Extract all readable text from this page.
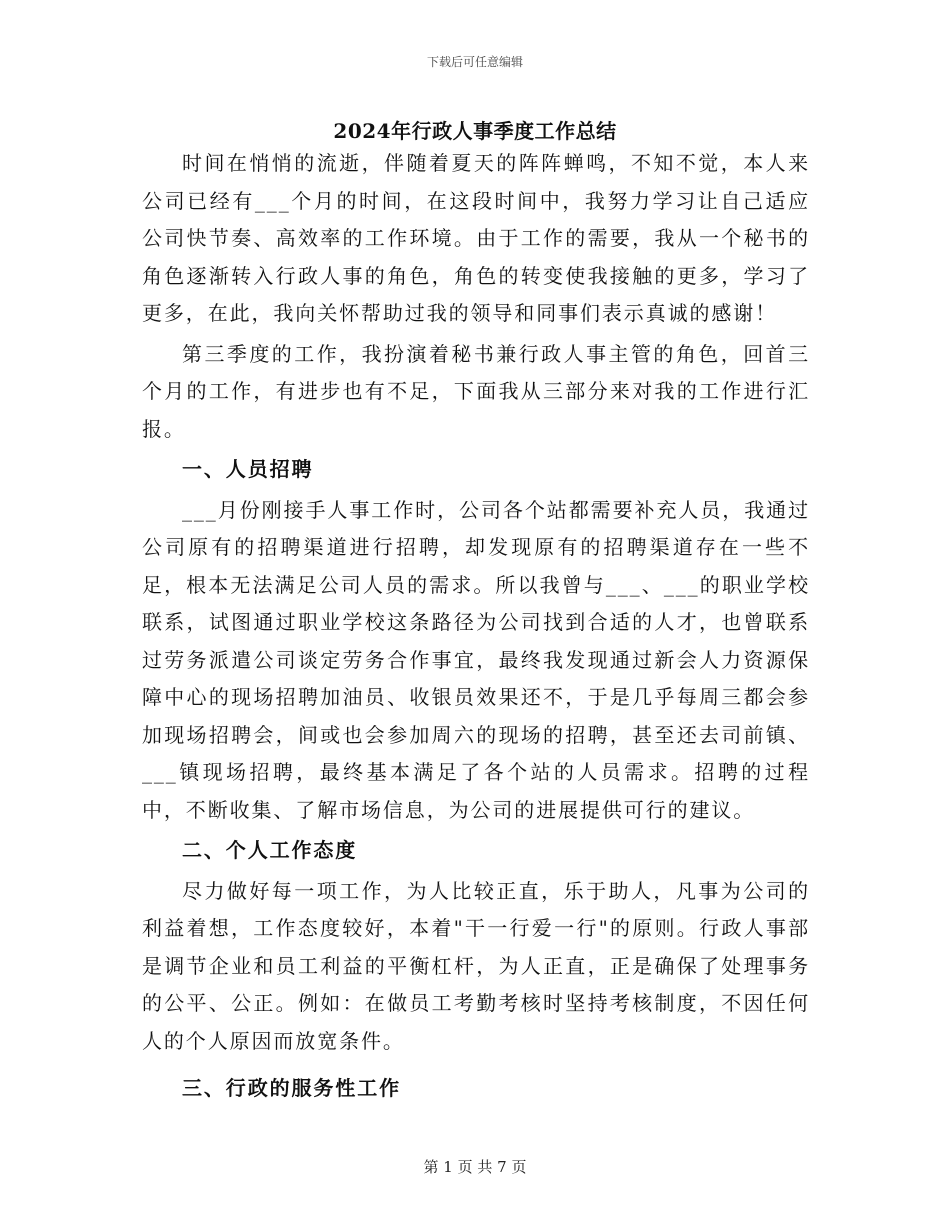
下载后可任意编辑
2024年行政人事季度工作总结

时间在悄悄的流逝，伴随着夏天的阵阵蝉鸣，不知不觉，本人来公司已经有___个月的时间，在这段时间中，我努力学习让自己适应公司快节奏、高效率的工作环境。由于工作的需要，我从一个秘书的角色逐渐转入行政人事的角色，角色的转变使我接触的更多，学习了更多，在此，我向关怀帮助过我的领导和同事们表示真诚的感谢！

第三季度的工作，我扮演着秘书兼行政人事主管的角色，回首三个月的工作，有进步也有不足，下面我从三部分来对我的工作进行汇报。

一、人员招聘

___月份刚接手人事工作时，公司各个站都需要补充人员，我通过公司原有的招聘渠道进行招聘，却发现原有的招聘渠道存在一些不足，根本无法满足公司人员的需求。所以我曾与___、___的职业学校联系，试图通过职业学校这条路径为公司找到合适的人才，也曾联系过劳务派遣公司谈定劳务合作事宜，最终我发现通过新会人力资源保障中心的现场招聘加油员、收银员效果还不，于是几乎每周三都会参加现场招聘会，间或也会参加周六的现场的招聘，甚至还去司前镇、___镇现场招聘，最终基本满足了各个站的人员需求。招聘的过程中，不断收集、了解市场信息，为公司的进展提供可行的建议。

二、个人工作态度

尽力做好每一项工作，为人比较正直，乐于助人，凡事为公司的利益着想，工作态度较好，本着"干一行爱一行"的原则。行政人事部是调节企业和员工利益的平衡杠杆，为人正直，正是确保了处理事务的公平、公正。例如：在做员工考勤考核时坚持考核制度，不因任何人的个人原因而放宽条件。

三、行政的服务性工作

第 1 页 共 7 页
